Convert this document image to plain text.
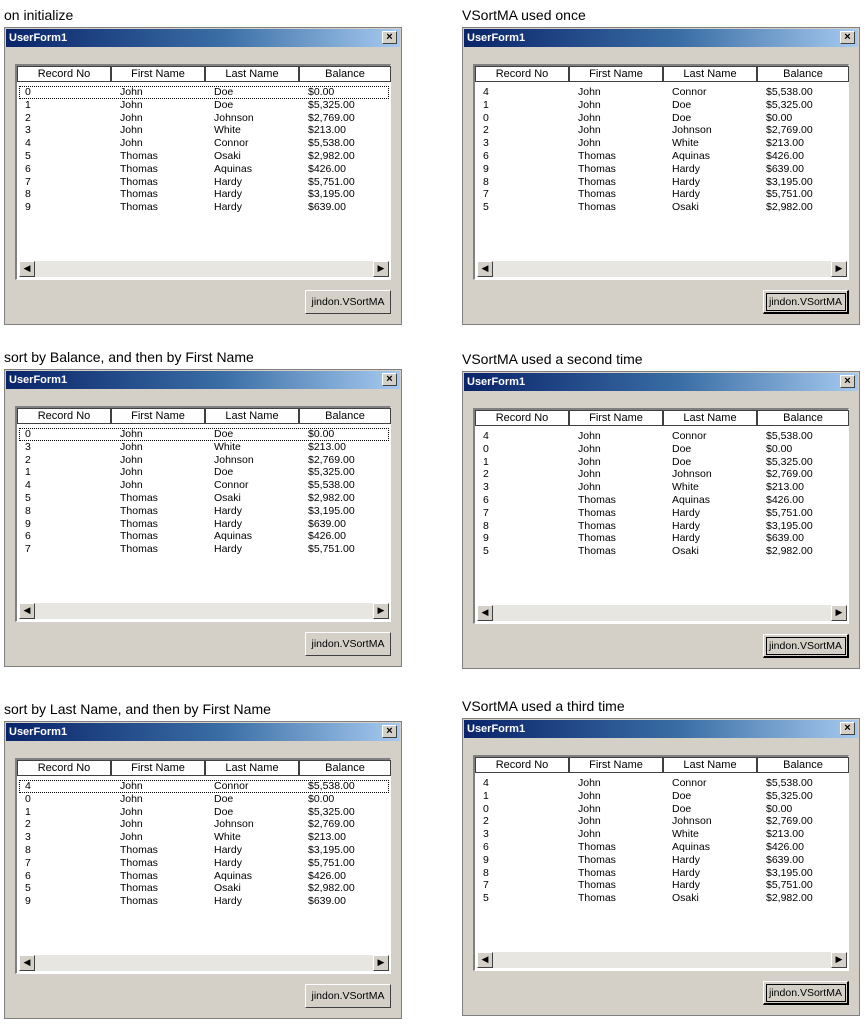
on initialize
UserForm1	×
Record No	First Name	Last Name	Balance
0	John	Doe	$0.00
1	John	Doe	$5,325.00
2	John	Johnson	$2,769.00
3	John	White	$213.00
4	John	Connor	$5,538.00
5	Thomas	Osaki	$2,982.00
6	Thomas	Aquinas	$426.00
7	Thomas	Hardy	$5,751.00
8	Thomas	Hardy	$3,195.00
9	Thomas	Hardy	$639.00
◀	▶
jindon.VSortMA
VSortMA used once
UserForm1	×
Record No	First Name	Last Name	Balance
4	John	Connor	$5,538.00
1	John	Doe	$5,325.00
0	John	Doe	$0.00
2	John	Johnson	$2,769.00
3	John	White	$213.00
6	Thomas	Aquinas	$426.00
9	Thomas	Hardy	$639.00
8	Thomas	Hardy	$3,195.00
7	Thomas	Hardy	$5,751.00
5	Thomas	Osaki	$2,982.00
◀	▶
jindon.VSortMA
sort by Balance, and then by First Name
UserForm1	×
Record No	First Name	Last Name	Balance
0	John	Doe	$0.00
3	John	White	$213.00
2	John	Johnson	$2,769.00
1	John	Doe	$5,325.00
4	John	Connor	$5,538.00
5	Thomas	Osaki	$2,982.00
8	Thomas	Hardy	$3,195.00
9	Thomas	Hardy	$639.00
6	Thomas	Aquinas	$426.00
7	Thomas	Hardy	$5,751.00
◀	▶
jindon.VSortMA
VSortMA used a second time
UserForm1	×
Record No	First Name	Last Name	Balance
4	John	Connor	$5,538.00
0	John	Doe	$0.00
1	John	Doe	$5,325.00
2	John	Johnson	$2,769.00
3	John	White	$213.00
6	Thomas	Aquinas	$426.00
7	Thomas	Hardy	$5,751.00
8	Thomas	Hardy	$3,195.00
9	Thomas	Hardy	$639.00
5	Thomas	Osaki	$2,982.00
◀	▶
jindon.VSortMA
sort by Last Name, and then by First Name
UserForm1	×
Record No	First Name	Last Name	Balance
4	John	Connor	$5,538.00
0	John	Doe	$0.00
1	John	Doe	$5,325.00
2	John	Johnson	$2,769.00
3	John	White	$213.00
8	Thomas	Hardy	$3,195.00
7	Thomas	Hardy	$5,751.00
6	Thomas	Aquinas	$426.00
5	Thomas	Osaki	$2,982.00
9	Thomas	Hardy	$639.00
◀	▶
jindon.VSortMA
VSortMA used a third time
UserForm1	×
Record No	First Name	Last Name	Balance
4	John	Connor	$5,538.00
1	John	Doe	$5,325.00
0	John	Doe	$0.00
2	John	Johnson	$2,769.00
3	John	White	$213.00
6	Thomas	Aquinas	$426.00
9	Thomas	Hardy	$639.00
8	Thomas	Hardy	$3,195.00
7	Thomas	Hardy	$5,751.00
5	Thomas	Osaki	$2,982.00
◀	▶
jindon.VSortMA
